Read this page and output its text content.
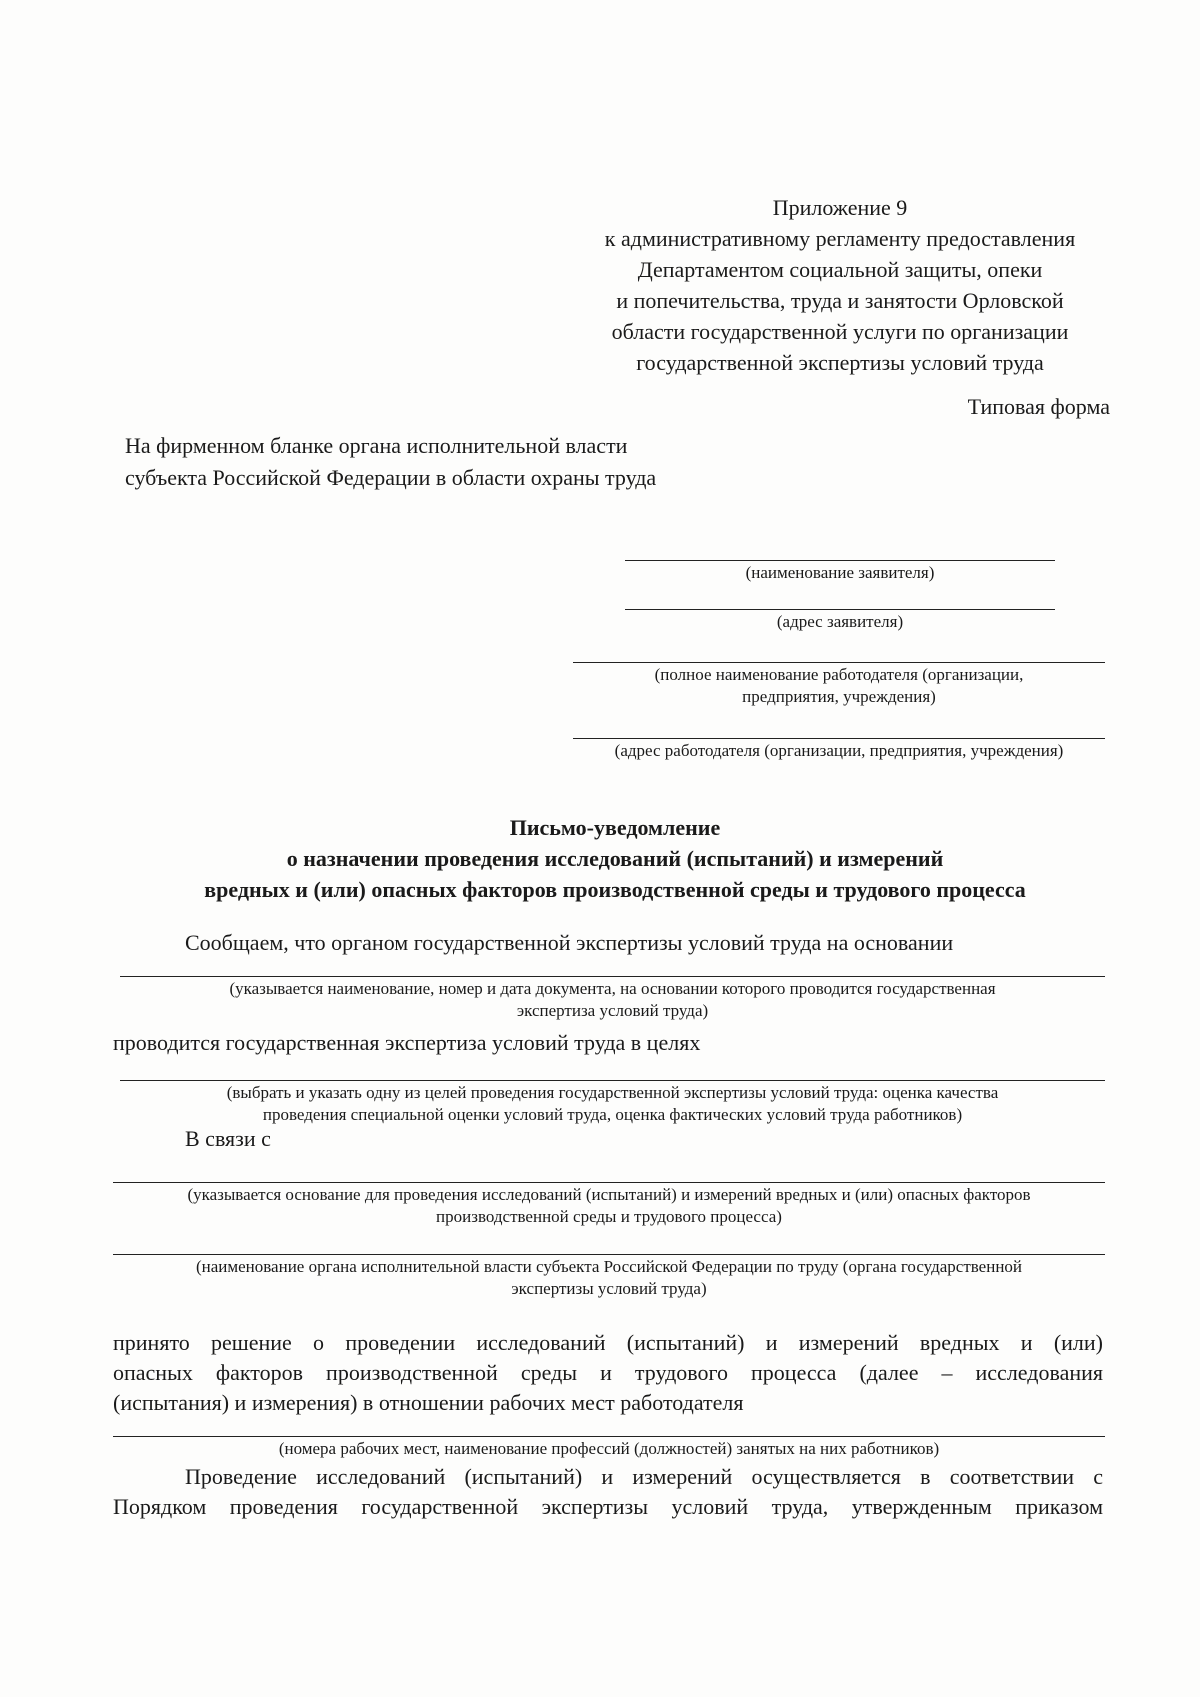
Приложение 9
к административному регламенту предоставления
Департаментом социальной защиты, опеки
и попечительства, труда и занятости Орловской
области государственной услуги по организации
государственной экспертизы условий труда
Типовая форма
На фирменном бланке органа исполнительной власти
субъекта Российской Федерации в области охраны труда
(наименование заявителя)
(адрес заявителя)
(полное наименование работодателя (организации,
предприятия, учреждения)
(адрес работодателя (организации, предприятия, учреждения)
Письмо-уведомление
о назначении проведения исследований (испытаний) и измерений
вредных и (или) опасных факторов производственной среды и трудового процесса
Сообщаем, что органом государственной экспертизы условий труда на основании
(указывается наименование, номер и дата документа, на основании которого проводится государственная
экспертиза условий труда)
проводится государственная экспертиза условий труда в целях
(выбрать и указать одну из целей проведения государственной экспертизы условий труда: оценка качества
проведения специальной оценки условий труда, оценка фактических условий труда работников)
В связи с
(указывается основание для проведения исследований (испытаний) и измерений вредных и (или) опасных факторов
производственной среды и трудового процесса)
(наименование органа исполнительной власти субъекта Российской Федерации по труду (органа государственной
экспертизы условий труда)
принято решение о проведении исследований (испытаний) и измерений вредных и (или)
опасных факторов производственной среды и трудового процесса (далее – исследования
(испытания) и измерения) в отношении рабочих мест работодателя
(номера рабочих мест, наименование профессий (должностей) занятых на них работников)
Проведение исследований (испытаний) и измерений осуществляется в соответствии с
Порядком проведения государственной экспертизы условий труда, утвержденным приказом
